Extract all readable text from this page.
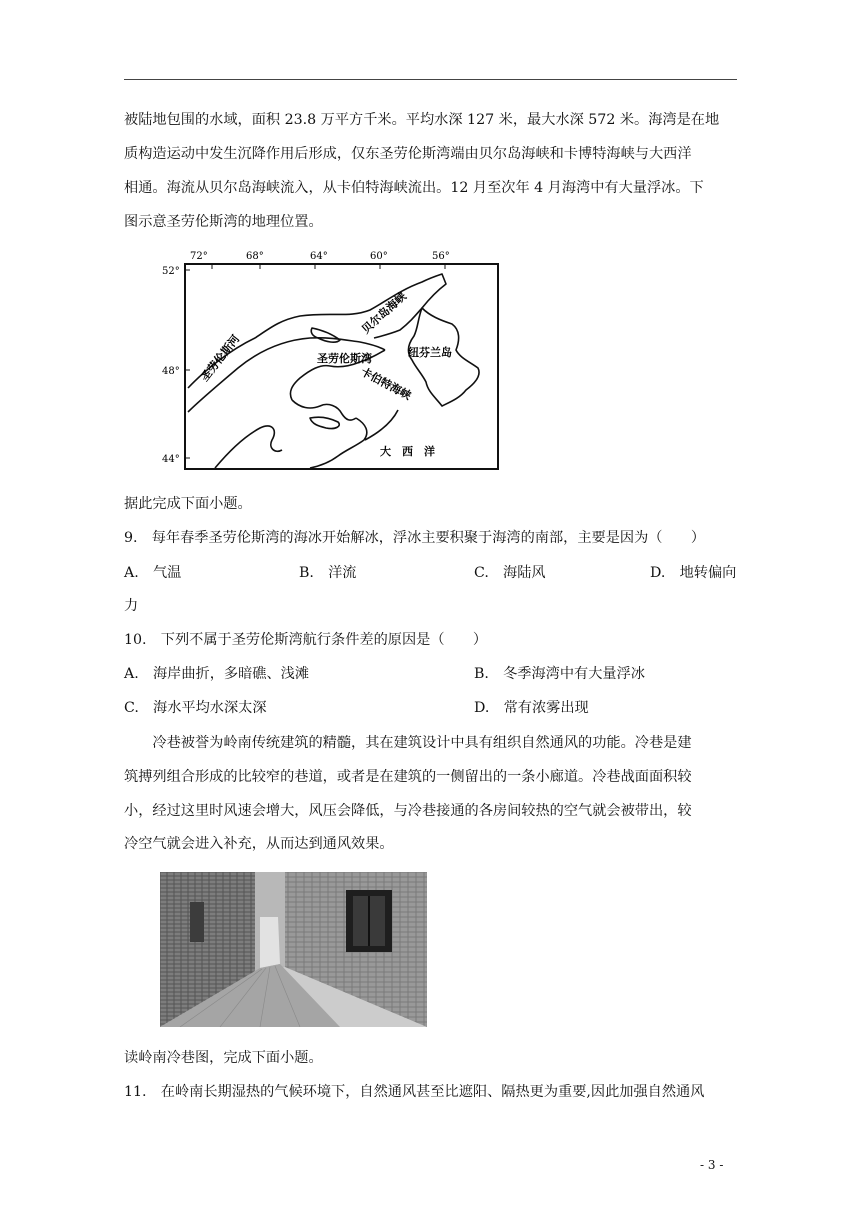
被陆地包围的水域，面积 23.8 万平方千米。平均水深 127 米，最大水深 572 米。海湾是在地
质构造运动中发生沉降作用后形成，仅东圣劳伦斯湾端由贝尔岛海峡和卡博特海峡与大西洋
相通。海流从贝尔岛海峡流入，从卡伯特海峡流出。12 月至次年 4 月海湾中有大量浮冰。下
图示意圣劳伦斯湾的地理位置。
72°	68°	64°	60°	56°
52°
48°
44°
圣劳伦斯河	圣劳伦斯湾
贝尔岛海峡
纽芬兰岛
卡伯特海峡
大　西　洋
据此完成下面小题。
9.　每年春季圣劳伦斯湾的海冰开始解冰，浮冰主要积聚于海湾的南部，主要是因为（　　）
A.　气温	B.　洋流	C.　海陆风	D.　地转偏向
力
10.　下列不属于圣劳伦斯湾航行条件差的原因是（　　）
A.　海岸曲折，多暗礁、浅滩	B.　冬季海湾中有大量浮冰
C.　海水平均水深太深	D.　常有浓雾出现
　　冷巷被誉为岭南传统建筑的精髓，其在建筑设计中具有组织自然通风的功能。冷巷是建
筑搏列组合形成的比较窄的巷道，或者是在建筑的一侧留出的一条小廊道。冷巷战面面积较
小，经过这里时风速会增大，风压会降低，与冷巷接通的各房间较热的空气就会被带出，较
冷空气就会进入补充，从而达到通风效果。
读岭南冷巷图，完成下面小题。
11.　在岭南长期湿热的气候环境下，自然通风甚至比遮阳、隔热更为重要,因此加强自然通风
- 3 -
